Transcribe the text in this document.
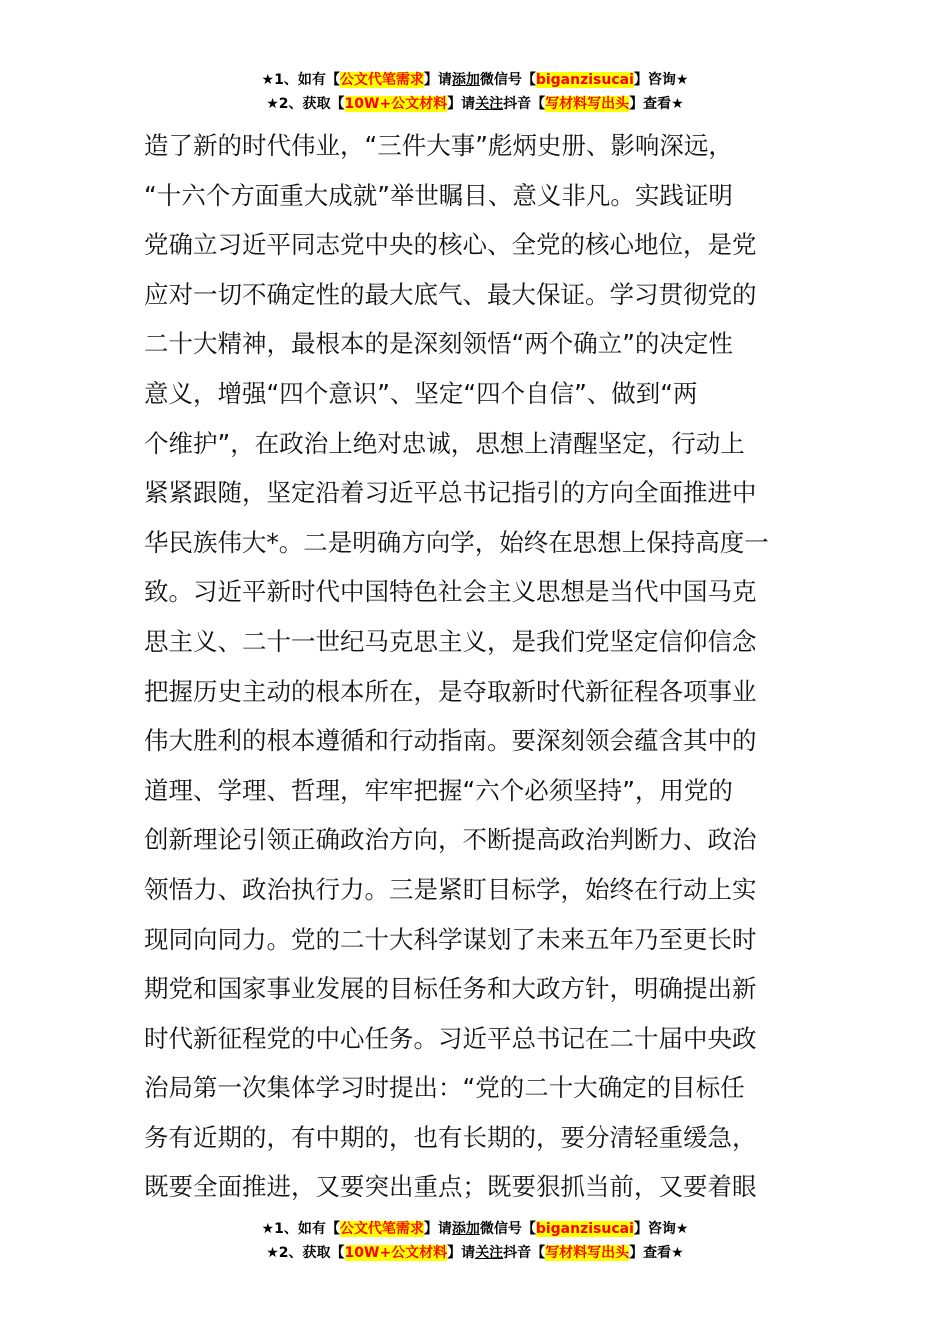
★1、如有【公文代笔需求】请添加微信号【biganzisucai】咨询★
★2、获取【10W+公文材料】请关注抖音【写材料写出头】查看★
造了新的时代伟业，“三件大事”彪炳史册、影响深远，
“十六个方面重大成就”举世瞩目、意义非凡。实践证明
党确立习近平同志党中央的核心、全党的核心地位，是党
应对一切不确定性的最大底气、最大保证。学习贯彻党的
二十大精神，最根本的是深刻领悟“两个确立”的决定性
意义，增强“四个意识”、坚定“四个自信”、做到“两
个维护”，在政治上绝对忠诚，思想上清醒坚定，行动上
紧紧跟随，坚定沿着习近平总书记指引的方向全面推进中
华民族伟大*。二是明确方向学，始终在思想上保持高度一
致。习近平新时代中国特色社会主义思想是当代中国马克
思主义、二十一世纪马克思主义，是我们党坚定信仰信念
把握历史主动的根本所在，是夺取新时代新征程各项事业
伟大胜利的根本遵循和行动指南。要深刻领会蕴含其中的
道理、学理、哲理，牢牢把握“六个必须坚持”，用党的
创新理论引领正确政治方向，不断提高政治判断力、政治
领悟力、政治执行力。三是紧盯目标学，始终在行动上实
现同向同力。党的二十大科学谋划了未来五年乃至更长时
期党和国家事业发展的目标任务和大政方针，明确提出新
时代新征程党的中心任务。习近平总书记在二十届中央政
治局第一次集体学习时提出：“党的二十大确定的目标任
务有近期的，有中期的，也有长期的，要分清轻重缓急，
既要全面推进，又要突出重点；既要狠抓当前，又要着眼
★1、如有【公文代笔需求】请添加微信号【biganzisucai】咨询★
★2、获取【10W+公文材料】请关注抖音【写材料写出头】查看★
